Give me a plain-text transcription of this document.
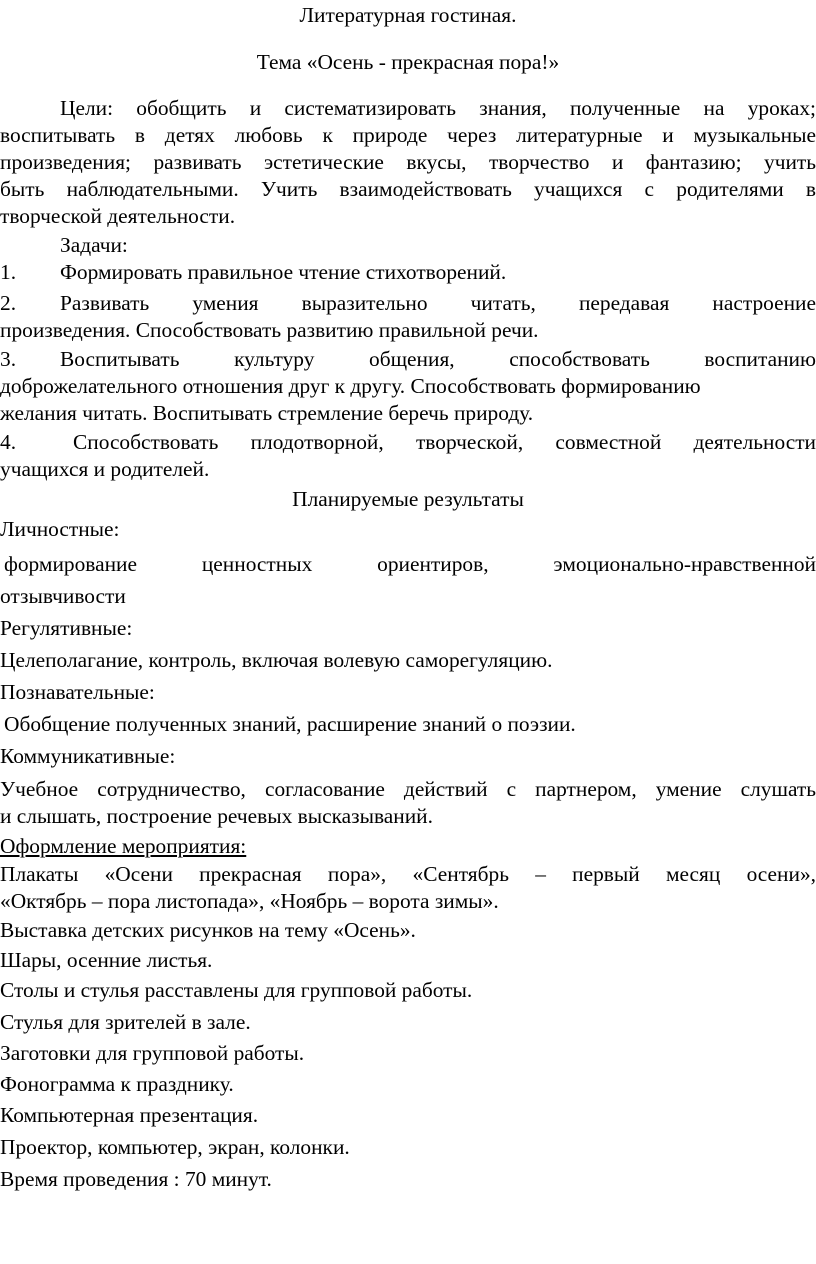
Литературная гостиная.
Тема «Осень - прекрасная пора!»
Цели: обобщить и систематизировать знания, полученные на уроках;
воспитывать в детях любовь к природе через литературные и музыкальные
произведения; развивать эстетические вкусы, творчество и фантазию; учить
быть наблюдательными. Учить взаимодействовать учащихся с родителями в
творческой деятельности.
Задачи:
1. Формировать правильное чтение стихотворений.
2.	Развивать умения выразительно читать, передавая настроение
произведения. Способствовать развитию правильной речи.
3.	Воспитывать культуру общения, способствовать воспитанию
доброжелательного отношения друг к другу. Способствовать формированию
желания читать. Воспитывать стремление беречь природу.
4.	Способствовать плодотворной, творческой, совместной деятельности
учащихся и родителей.
Планируемые результаты
Личностные:
формирование ценностных ориентиров, эмоционально-нравственной
отзывчивости
Регулятивные:
Целеполагание, контроль, включая волевую саморегуляцию.
Познавательные:
Обобщение полученных знаний, расширение знаний о поэзии.
Коммуникативные:
Учебное сотрудничество, согласование действий с партнером, умение слушать
и слышать, построение речевых высказываний.
Оформление мероприятия:
Плакаты «Осени прекрасная пора», «Сентябрь – первый месяц осени»,
«Октябрь – пора листопада», «Ноябрь – ворота зимы».
Выставка детских рисунков на тему «Осень».
Шары, осенние листья.
Столы и стулья расставлены для групповой работы.
Стулья для зрителей в зале.
Заготовки для групповой работы.
Фонограмма к празднику.
Компьютерная презентация.
Проектор, компьютер, экран, колонки.
Время проведения : 70 минут.
